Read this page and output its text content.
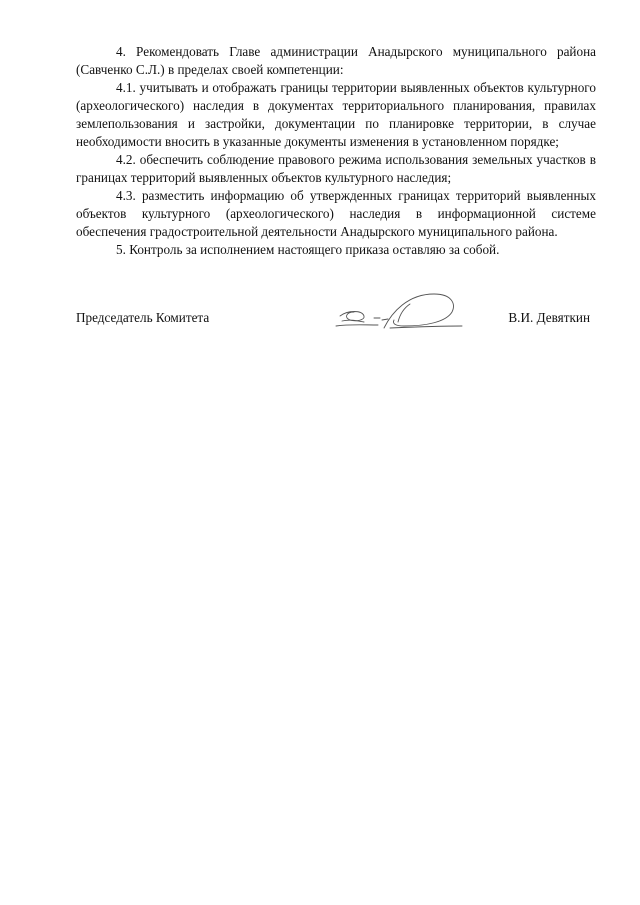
4. Рекомендовать Главе администрации Анадырского муниципального района (Савченко С.Л.) в пределах своей компетенции:

4.1. учитывать и отображать границы территории выявленных объектов культурного (археологического) наследия в документах территориального планирования, правилах землепользования и застройки, документации по планировке территории, в случае необходимости вносить в указанные документы изменения в установленном порядке;

4.2. обеспечить соблюдение правового режима использования земельных участков в границах территорий выявленных объектов культурного наследия;

4.3. разместить информацию об утвержденных границах территорий выявленных объектов культурного (археологического) наследия в информационной системе обеспечения градостроительной деятельности Анадырского муниципального района.

5. Контроль за исполнением настоящего приказа оставляю за собой.

Председатель Комитета	В.И. Девяткин
